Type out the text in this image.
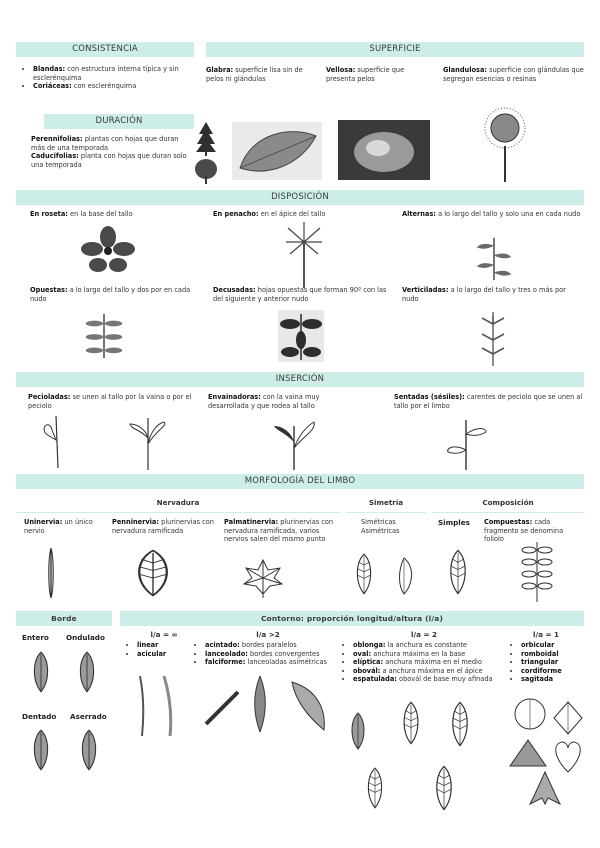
CONSISTENCIA
• Blandas: con estructura interna típica y sin esclerénquima
• Coriáceas: con esclerénquima
SUPERFICIE
Glabra: superficie lisa sin de pelos ni glándulas
Vellosa: superficie que presenta pelos
Glandulosa: superficie con glándulas que segregan esencias o resinas
DURACIÓN
• Perennifolias: plantas con hojas que duran más de una temporada
• Caducifolias: planta con hojas que duran solo una temporada
DISPOSICIÓN
En roseta: en la base del tallo	En penacho: en el ápice del tallo	Alternas: a lo largo del tallo y solo una en cada nudo
Opuestas: a lo largo del tallo y dos por en cada nudo
Decusadas: hojas opuestas que forman 90º con las del siguiente y anterior nudo
Verticiladas: a lo largo del tallo y tres o más por nudo
INSERCIÓN
Pecioladas: se unen al tallo por la vaina o por el peciolo
Envainadoras: con la vaina muy desarrollada y que rodea al tallo
Sentadas (sésiles): carentes de peciolo que se unen al tallo por el limbo
MORFOLOGÍA DEL LIMBO
Nervadura	Simetría	Composición
Uninervia: un único nervio
Penninervia: plurinervias con nervadura ramificada
Palmatinervia: plurinervias con nervadura ramificada, varios nervios salen del mismo punto
• Simétricas
• Asimétricas
Simples Compuestas: cada fragmento se denomina foliolo
Borde
Entero Ondulado
Dentado Aserrado
Contorno: proporción longitud/altura (l/a)
l/a = ∞	l/a >2	l/a = 2	l/a = 1
• linear
• acicular
• acintado: bordes paralelos
• lanceolado: bordes convergentes
• falciforme: lanceoladas asimétricas
• oblonga: la anchura es constante
• oval: anchura máxima en la base
• elíptica: anchura máxima en el medio
• obovál: a anchura máxima en el ápice
• espatulada: obovál de base muy afinada
• orbicular
• romboidal
• triangular
• cordiforme
• sagitada
